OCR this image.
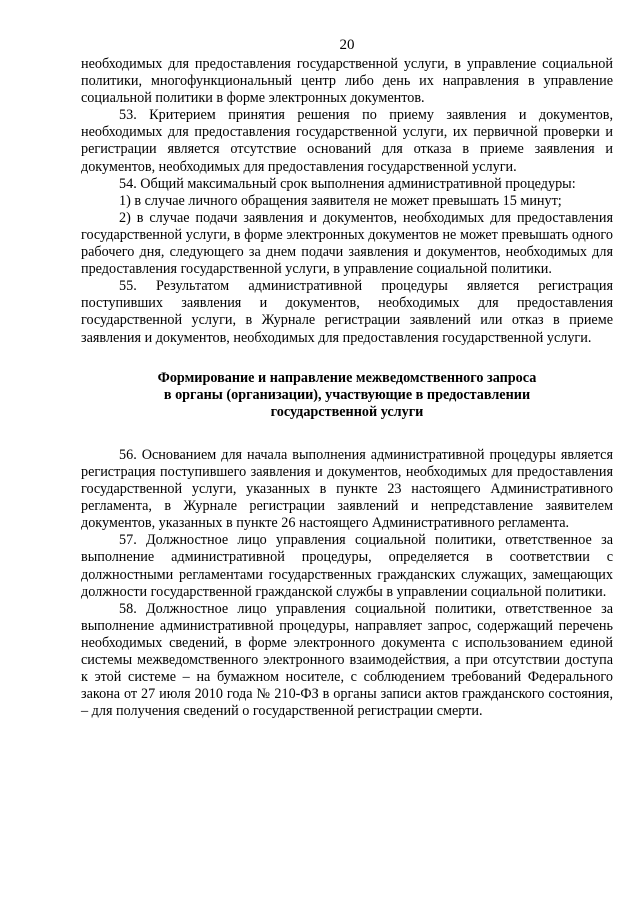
20

необходимых для предоставления государственной услуги, в управление социальной политики, многофункциональный центр либо день их направления в управление социальной политики в форме электронных документов.

53. Критерием принятия решения по приему заявления и документов, необходимых для предоставления государственной услуги, их первичной проверки и регистрации является отсутствие оснований для отказа в приеме заявления и документов, необходимых для предоставления государственной услуги.

54. Общий максимальный срок выполнения административной процедуры:

1) в случае личного обращения заявителя не может превышать 15 минут;

2) в случае подачи заявления и документов, необходимых для предоставления государственной услуги, в форме электронных документов не может превышать одного рабочего дня, следующего за днем подачи заявления и документов, необходимых для предоставления государственной услуги, в управление социальной политики.

55. Результатом административной процедуры является регистрация поступивших заявления и документов, необходимых для предоставления государственной услуги, в Журнале регистрации заявлений или отказ в приеме заявления и документов, необходимых для предоставления государственной услуги.

Формирование и направление межведомственного запроса
в органы (организации), участвующие в предоставлении
государственной услуги

56. Основанием для начала выполнения административной процедуры является регистрация поступившего заявления и документов, необходимых для предоставления государственной услуги, указанных в пункте 23 настоящего Административного регламента, в Журнале регистрации заявлений и непредставление заявителем документов, указанных в пункте 26 настоящего Административного регламента.

57. Должностное лицо управления социальной политики, ответственное за выполнение административной процедуры, определяется в соответствии с должностными регламентами государственных гражданских служащих, замещающих должности государственной гражданской службы в управлении социальной политики.

58. Должностное лицо управления социальной политики, ответственное за выполнение административной процедуры, направляет запрос, содержащий перечень необходимых сведений, в форме электронного документа с использованием единой системы межведомственного электронного взаимодействия, а при отсутствии доступа к этой системе – на бумажном носителе, с соблюдением требований Федерального закона от 27 июля 2010 года № 210-ФЗ в органы записи актов гражданского состояния, – для получения сведений о государственной регистрации смерти.
